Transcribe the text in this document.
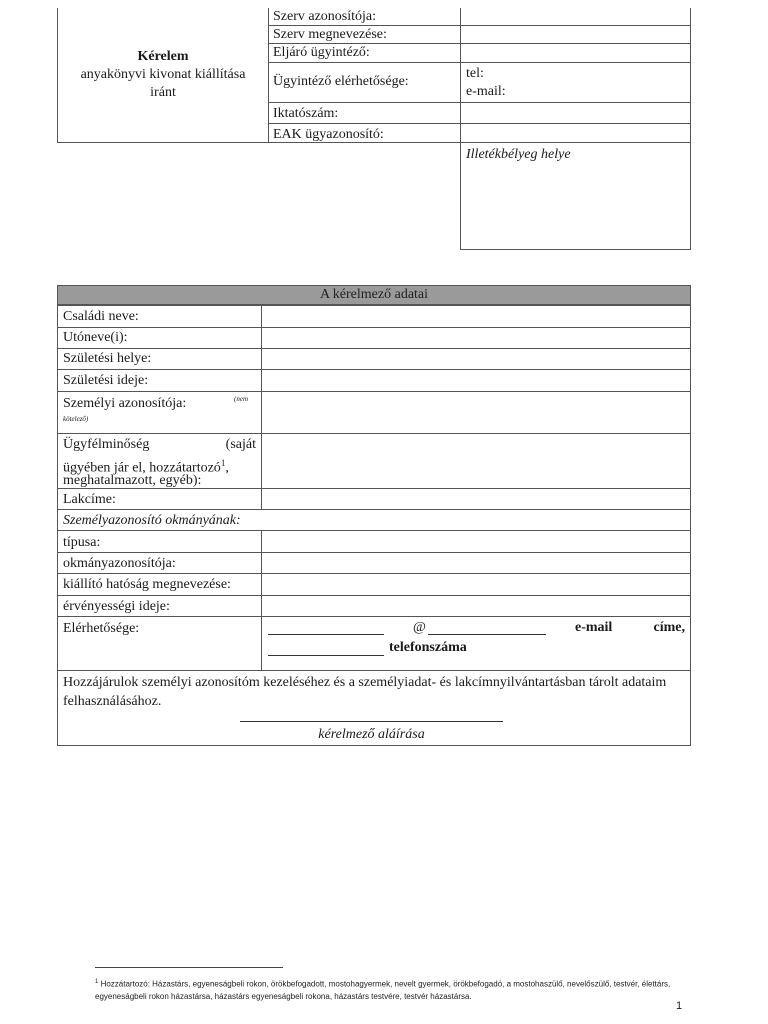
Kérelem
anyakönyvi kivonat kiállítása
iránt
Szerv azonosítója:
Szerv megnevezése:
Eljáró ügyintéző:
Ügyintéző elérhetősége:
tel:
e-mail:
Iktatószám:
EAK ügyazonosító:
Illetékbélyeg helye
A kérelmező adatai
Családi neve:
Utóneve(i):
Születési helye:
Születési ideje:
Személyi azonosítója:	(nem
kötelező)
Ügyfélminőség (saját
ügyében jár el, hozzátartozó$^1$,
meghatalmazott, egyéb):
Lakcíme:
Személyazonosító okmányának:
típusa:
okmányazonosítója:
kiállító hatóság megnevezése:
érvényességi ideje:
Elérhetősége:	@	e-mail címe,
telefonszáma
Hozzájárulok személyi azonosítóm kezeléséhez és a személyiadat- és lakcímnyilvántartásban tárolt adataim felhasználásához.
kérelmező aláírása
$^1$ Hozzátartozó: Házastárs, egyeneságbeli rokon, örökbefogadott, mostohagyermek, nevelt gyermek, örökbefogadó, a mostohaszülő, nevelőszülő, testvér, élettárs, egyeneságbeli rokon házastársa, házastárs egyeneságbeli rokona, házastárs testvére, testvér házastársa.
1
